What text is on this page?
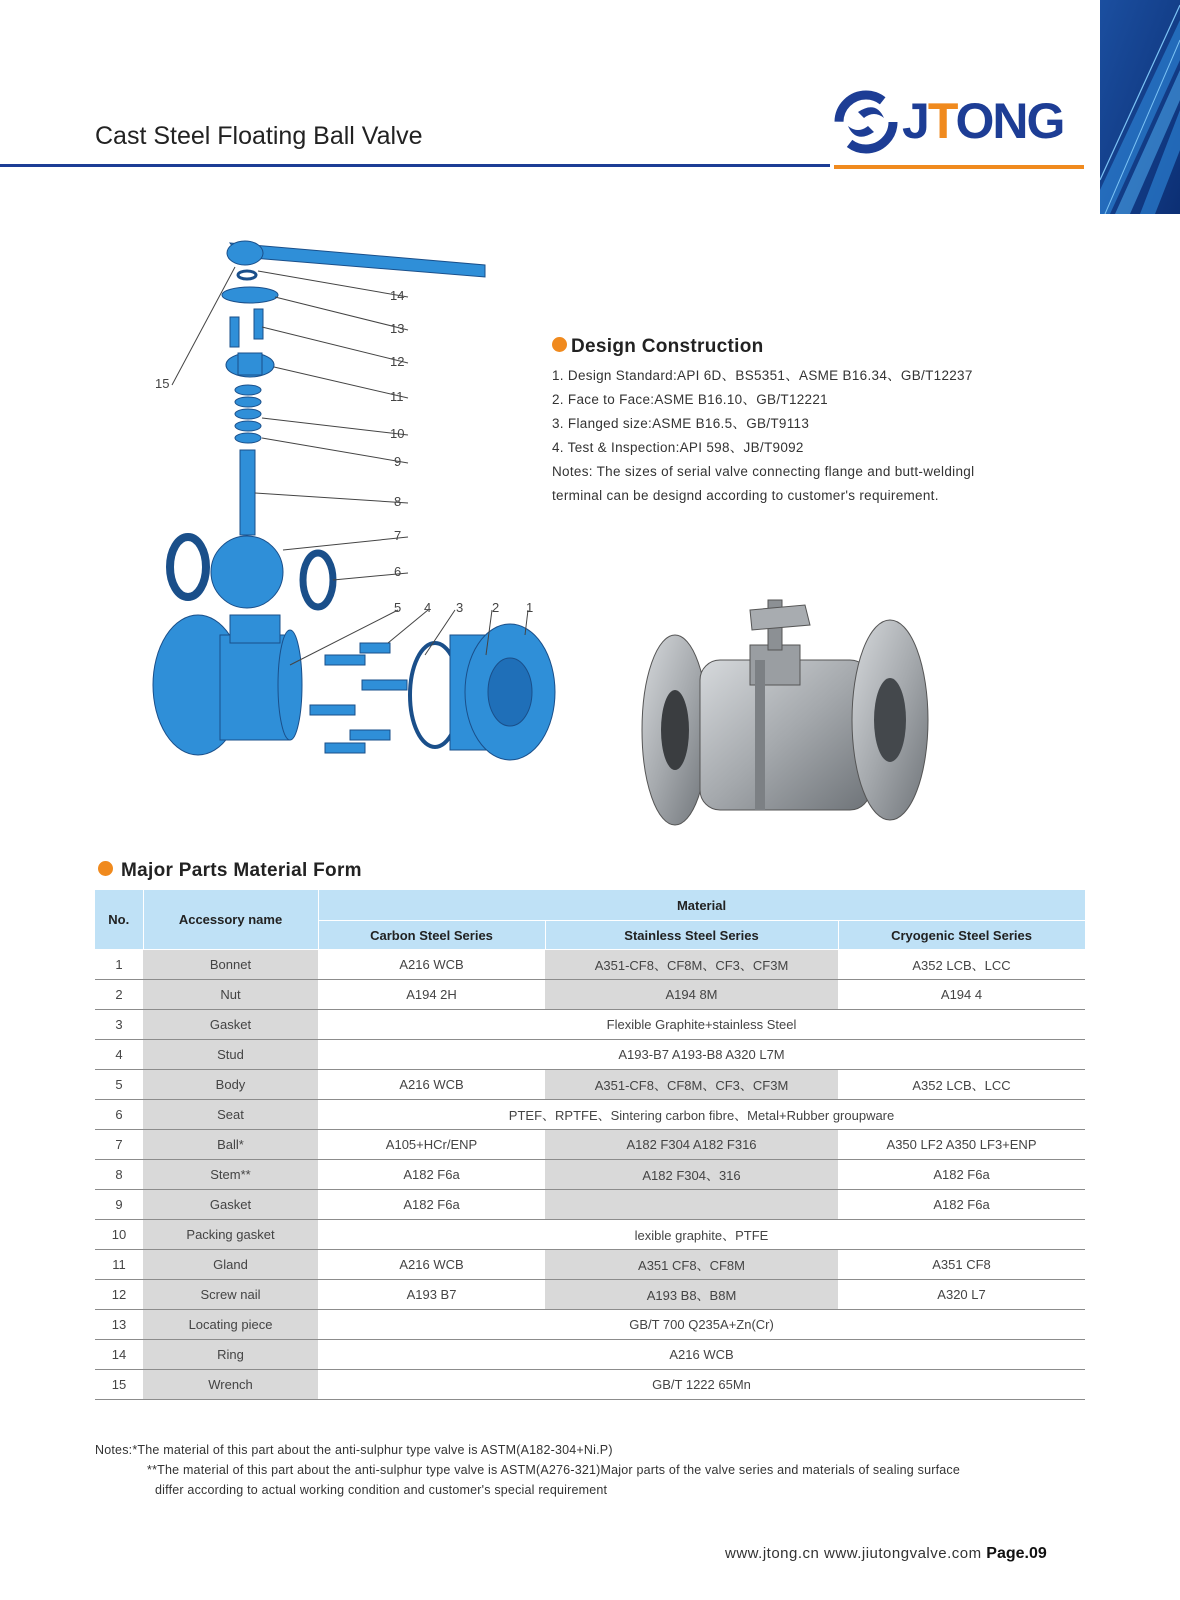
Cast Steel Floating Ball Valve	JTONG
14
13
12
11
10
9
8
7
6
15
5 4 3 2 1
Design Construction
1. Design Standard:API 6D、BS5351、ASME B16.34、GB/T12237
2. Face to Face:ASME B16.10、GB/T12221
3. Flanged size:ASME B16.5、GB/T9113
4. Test & Inspection:API 598、JB/T9092
Notes: The sizes of serial valve connecting flange and butt-weldingl
terminal can be designd according to customer's requirement.
Major Parts Material Form
No.	Accessory name	Material		
		Carbon Steel Series	Stainless Steel Series	Cryogenic Steel Series
1	Bonnet	A216 WCB	A351-CF8、CF8M、CF3、CF3M	A352 LCB、LCC
2	Nut	A194 2H	A194 8M	A194 4
3	Gasket	Flexible Graphite+stainless Steel		
4	Stud	A193-B7 A193-B8 A320 L7M		
5	Body	A216 WCB	A351-CF8、CF8M、CF3、CF3M	A352 LCB、LCC
6	Seat	PTEF、RPTFE、Sintering carbon fibre、Metal+Rubber groupware		
7	Ball*	A105+HCr/ENP	A182 F304 A182 F316	A350 LF2 A350 LF3+ENP
8	Stem**	A182 F6a	A182 F304、316	A182 F6a
9	Gasket	A182 F6a		A182 F6a
10	Packing gasket	lexible graphite、PTFE		
11	Gland	A216 WCB	A351 CF8、CF8M	A351 CF8
12	Screw nail	A193 B7	A193 B8、B8M	A320 L7
13	Locating piece	GB/T 700 Q235A+Zn(Cr)		
14	Ring	A216 WCB		
15	Wrench	GB/T 1222 65Mn		
Notes:*The material of this part about the anti-sulphur type valve is ASTM(A182-304+Ni.P)
**The material of this part about the anti-sulphur type valve is ASTM(A276-321)Major parts of the valve series and materials of sealing surface
differ according to actual working condition and customer's special requirement
www.jtong.cn www.jiutongvalve.com Page.09
